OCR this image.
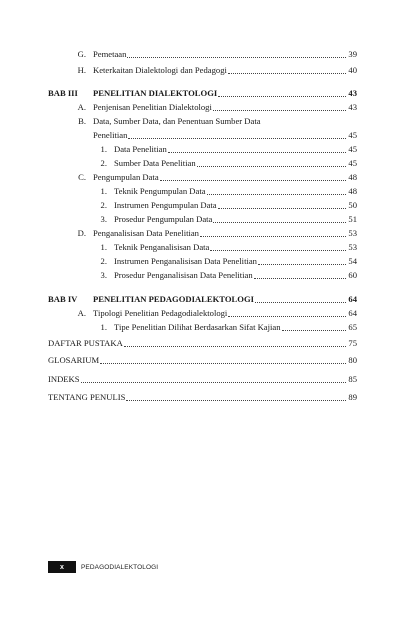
G. Pemetaan	39
H. Keterkaitan Dialektologi dan Pedagogi	40
BAB III	PENELITIAN DIALEKTOLOGI	43
A. Penjenisan Penelitian Dialektologi	43
B. Data, Sumber Data, dan Penentuan Sumber Data
Penelitian	45
1. Data Penelitian	45
2. Sumber Data Penelitian	45
C. Pengumpulan Data	48
1. Teknik Pengumpulan Data	48
2. Instrumen Pengumpulan Data	50
3. Prosedur Pengumpulan Data	51
D. Penganalisisan Data Penelitian	53
1. Teknik Penganalisisan Data	53
2. Instrumen Penganalisisan Data Penelitian	54
3. Prosedur Penganalisisan Data Penelitian	60
BAB IV	PENELITIAN PEDAGODIALEKTOLOGI	64
A. Tipologi Penelitian Pedagodialektologi	64
1. Tipe Penelitian Dilihat Berdasarkan Sifat Kajian	65
DAFTAR PUSTAKA	75
GLOSARIUM	80
INDEKS	85
TENTANG PENULIS	89
x	PEDAGODIALEKTOLOGI
